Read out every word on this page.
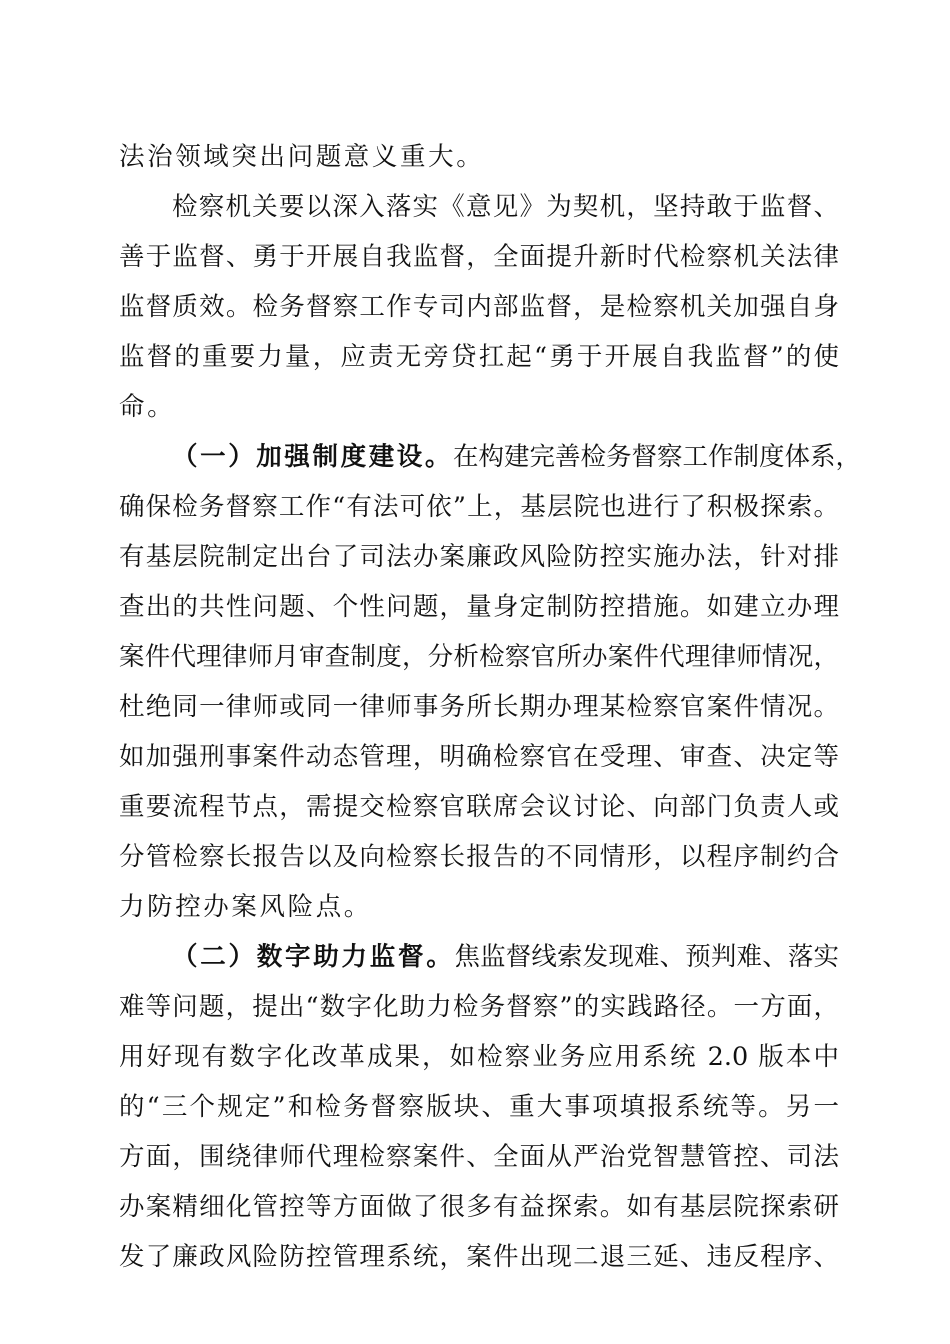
法治领域突出问题意义重大。
检察机关要以深入落实《意见》为契机，坚持敢于监督、
善于监督、勇于开展自我监督，全面提升新时代检察机关法律
监督质效。检务督察工作专司内部监督，是检察机关加强自身
监督的重要力量，应责无旁贷扛起“勇于开展自我监督”的使
命。
（一）加强制度建设。在构建完善检务督察工作制度体系，
确保检务督察工作“有法可依”上，基层院也进行了积极探索。
有基层院制定出台了司法办案廉政风险防控实施办法，针对排
查出的共性问题、个性问题，量身定制防控措施。如建立办理
案件代理律师月审查制度，分析检察官所办案件代理律师情况，
杜绝同一律师或同一律师事务所长期办理某检察官案件情况。
如加强刑事案件动态管理，明确检察官在受理、审查、决定等
重要流程节点，需提交检察官联席会议讨论、向部门负责人或
分管检察长报告以及向检察长报告的不同情形，以程序制约合
力防控办案风险点。
（二）数字助力监督。焦监督线索发现难、预判难、落实
难等问题，提出“数字化助力检务督察”的实践路径。一方面，
用好现有数字化改革成果，如检察业务应用系统 2.0 版本中
的“三个规定”和检务督察版块、重大事项填报系统等。另一
方面，围绕律师代理检察案件、全面从严治党智慧管控、司法
办案精细化管控等方面做了很多有益探索。如有基层院探索研
发了廉政风险防控管理系统，案件出现二退三延、违反程序、
